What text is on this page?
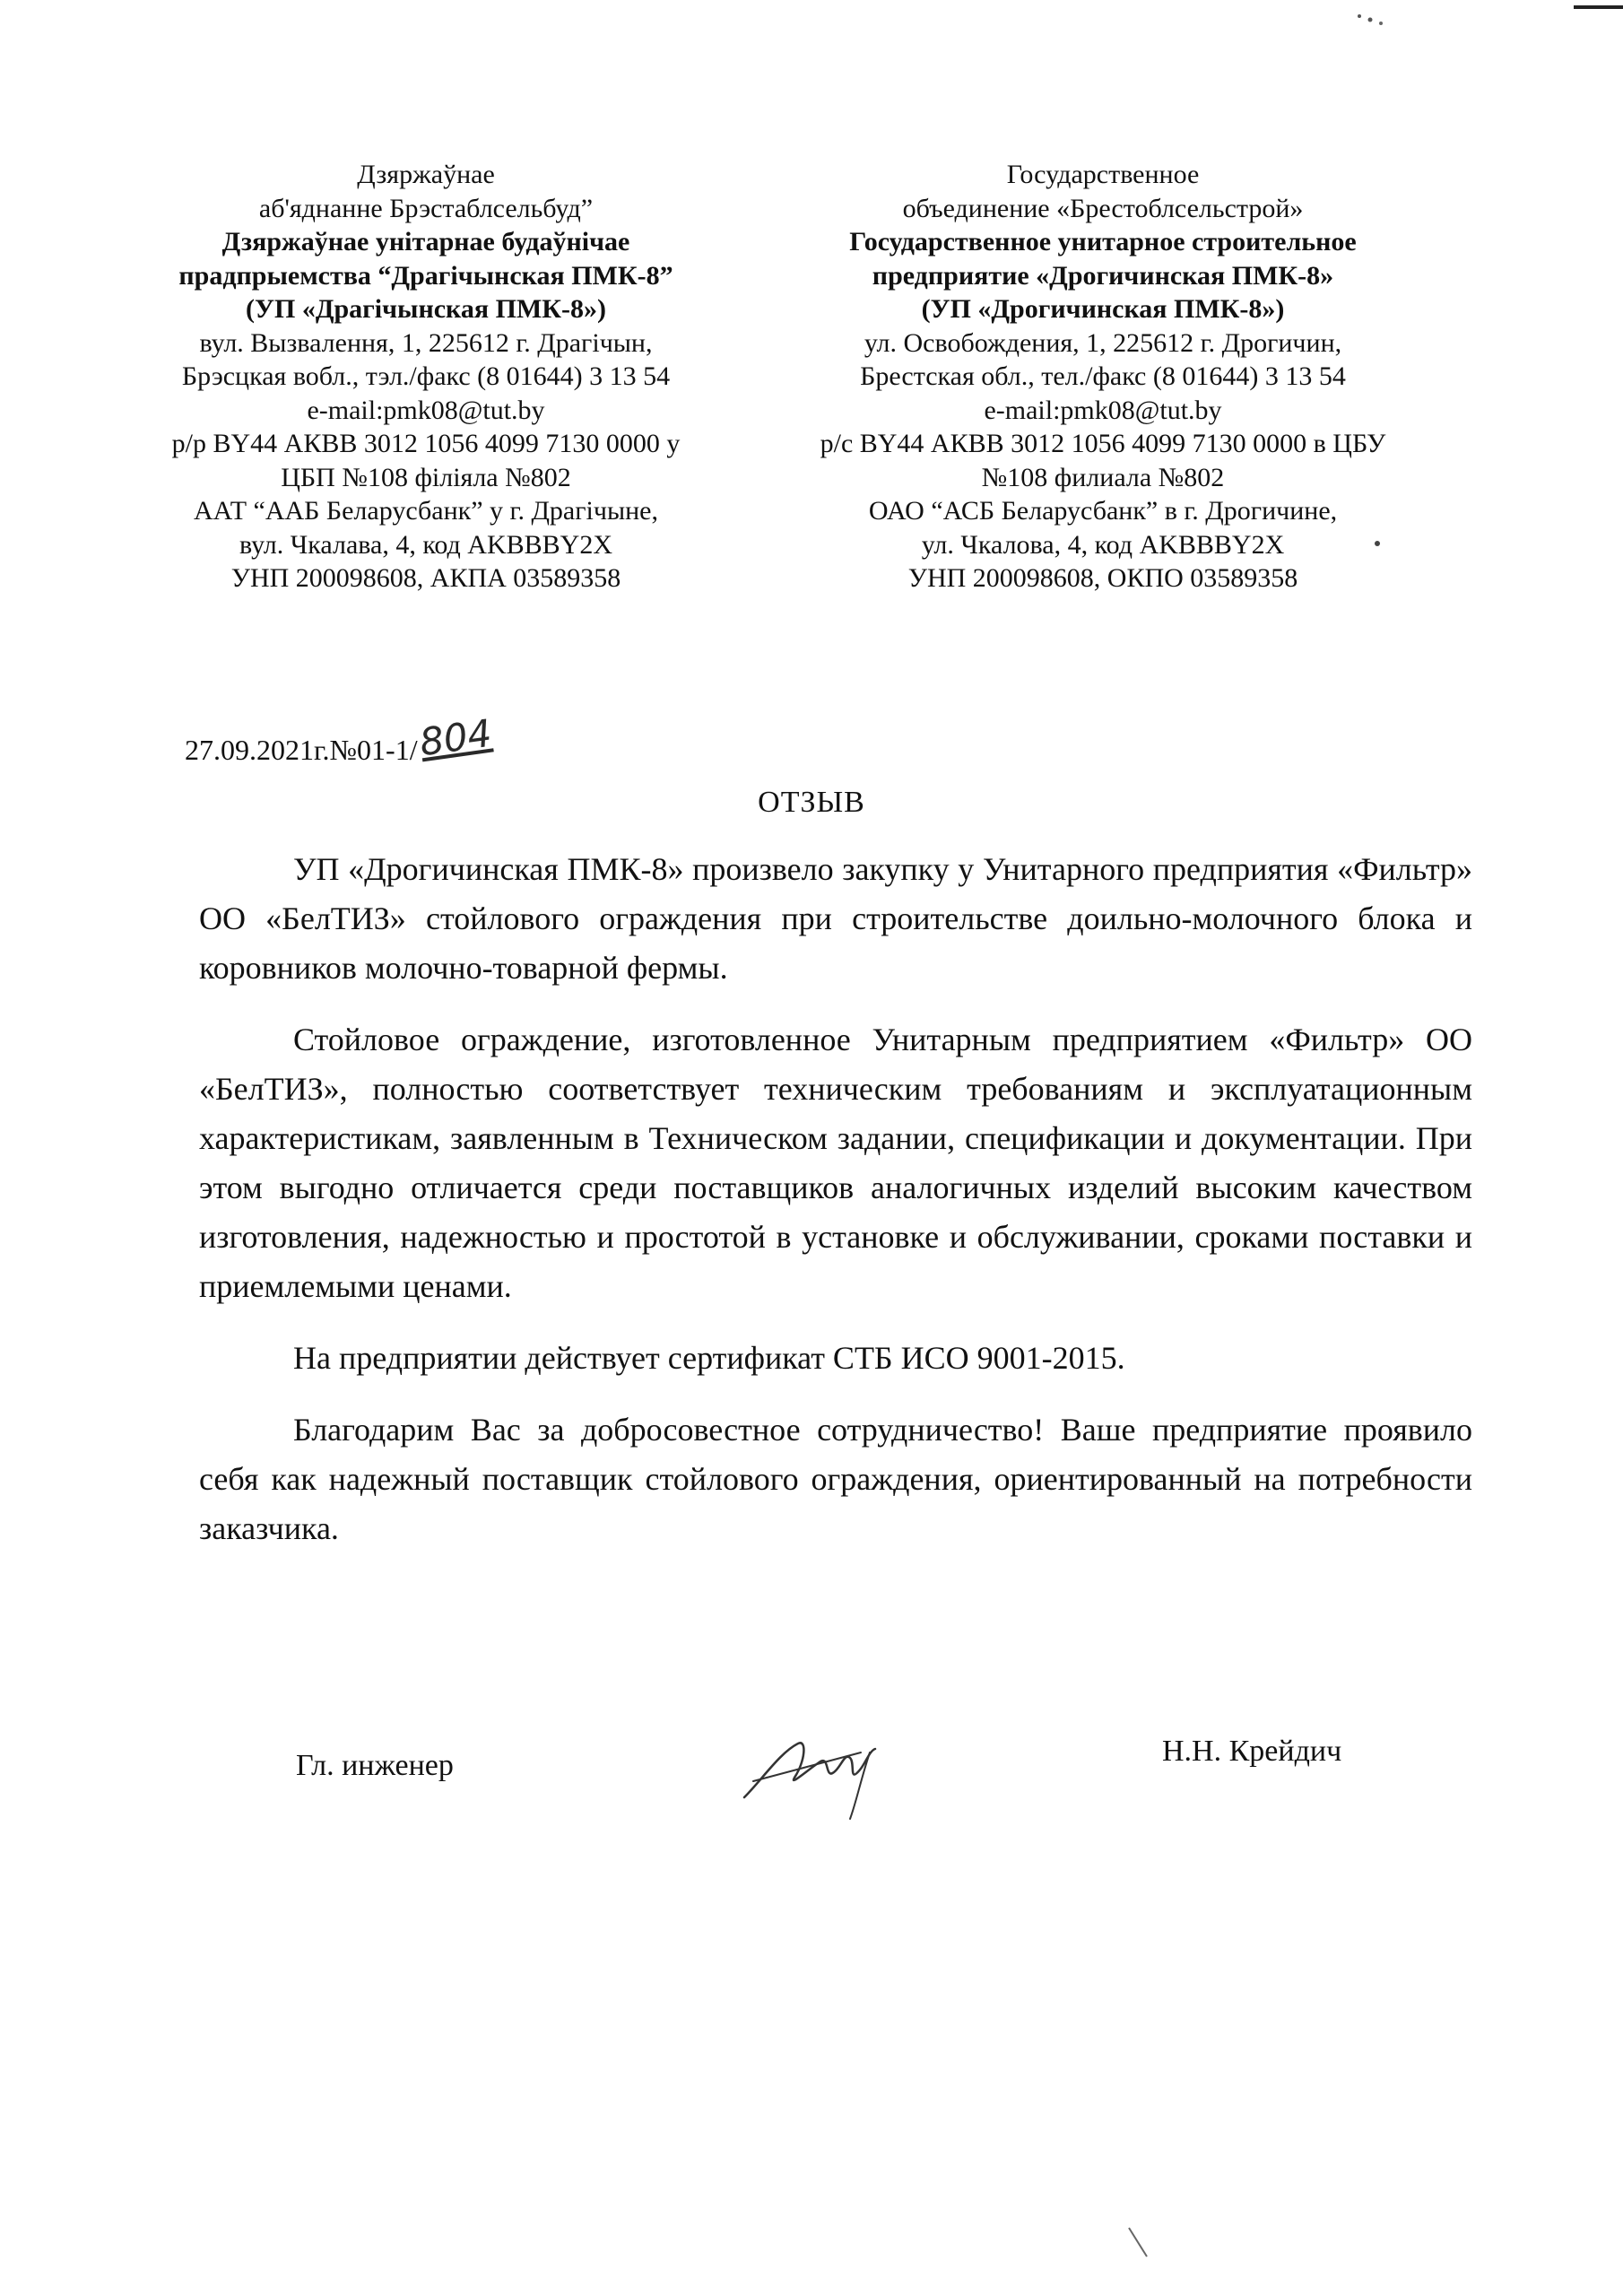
Дзяржаўнае
аб'яднанне Брэстаблсельбуд”
Дзяржаўнае унітарнае будаўнічае
прадпрыемства “Драгічынская ПМК-8”
(УП «Драгічынская ПМК-8»)
вул. Вызвалення, 1, 225612 г. Драгічын,
Брэсцкая вобл., тэл./факс (8 01644) 3 13 54
e-mail:pmk08@tut.by
р/р BY44 АКВВ 3012 1056 4099 7130 0000 у
ЦБП №108 філіяла №802
ААТ “ААБ Беларусбанк” у г. Драгічыне,
вул. Чкалава, 4, код AKBBBY2X
УНП 200098608, АКПА 03589358
Государственное
объединение «Брестоблсельстрой»
Государственное унитарное строительное
предприятие «Дрогичинская ПМК-8»
(УП «Дрогичинская ПМК-8»)
ул. Освобождения, 1, 225612 г. Дрогичин,
Брестская обл., тел./факс (8 01644) 3 13 54
e-mail:pmk08@tut.by
р/с BY44 АКВВ 3012 1056 4099 7130 0000 в ЦБУ
№108 филиала №802
ОАО “АСБ Беларусбанк” в г. Дрогичине,
ул. Чкалова, 4, код AKBBBY2X
УНП 200098608, ОКПО 03589358
27.09.2021г.№01-1/804
ОТЗЫВ

УП «Дрогичинская ПМК-8» произвело закупку у Унитарного предприятия «Фильтр» ОО «БелТИЗ» стойлового ограждения при строительстве доильно-молочного блока и коровников молочно-товарной фермы.

Стойловое ограждение, изготовленное Унитарным предприятием «Фильтр» ОО «БелТИЗ», полностью соответствует техническим требованиям и эксплуатационным характеристикам, заявленным в Техническом задании, спецификации и документации. При этом выгодно отличается среди поставщиков аналогичных изделий высоким качеством изготовления, надежностью и простотой в установке и обслуживании, сроками поставки и приемлемыми ценами.

На предприятии действует сертификат СТБ ИСО 9001-2015.

Благодарим Вас за добросовестное сотрудничество! Ваше предприятие проявило себя как надежный поставщик стойлового ограждения, ориентированный на потребности заказчика.

Гл. инженер	Н.Н. Крейдич
